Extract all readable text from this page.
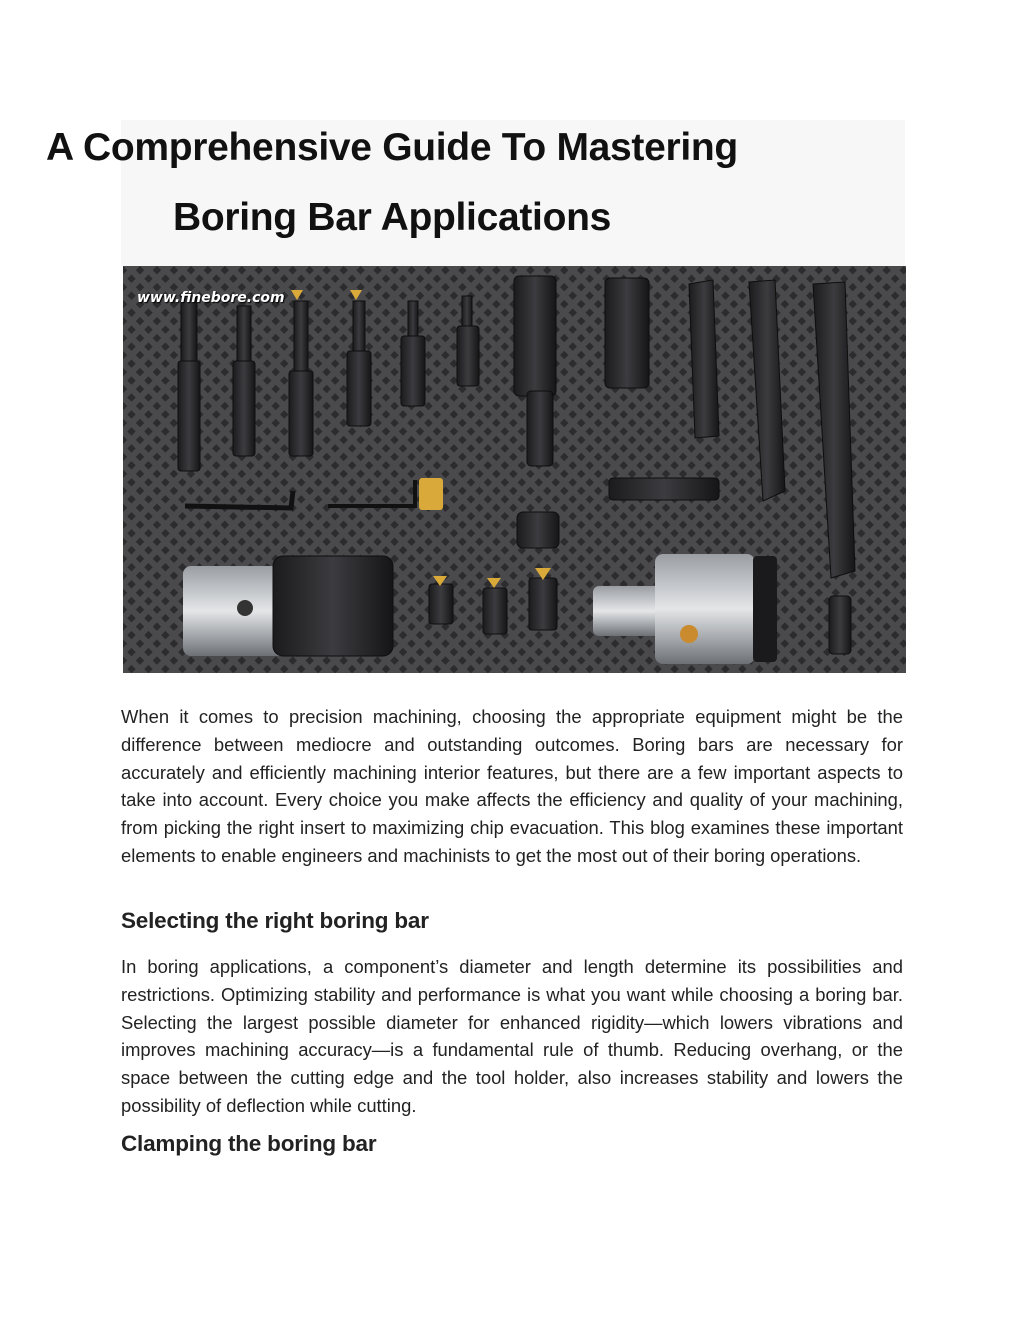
A Comprehensive Guide To Mastering
Boring Bar Applications
www.finebore.com

When it comes to precision machining, choosing the appropriate equipment might be the difference between mediocre and outstanding outcomes. Boring bars are necessary for accurately and efficiently machining interior features, but there are a few important aspects to take into account. Every choice you make affects the efficiency and quality of your machining, from picking the right insert to maximizing chip evacuation. This blog examines these important elements to enable engineers and machinists to get the most out of their boring operations.

Selecting the right boring bar

In boring applications, a component’s diameter and length determine its possibilities and restrictions. Optimizing stability and performance is what you want while choosing a boring bar. Selecting the largest possible diameter for enhanced rigidity—which lowers vibrations and improves machining accuracy—is a fundamental rule of thumb. Reducing overhang, or the space between the cutting edge and the tool holder, also increases stability and lowers the possibility of deflection while cutting.

Clamping the boring bar
